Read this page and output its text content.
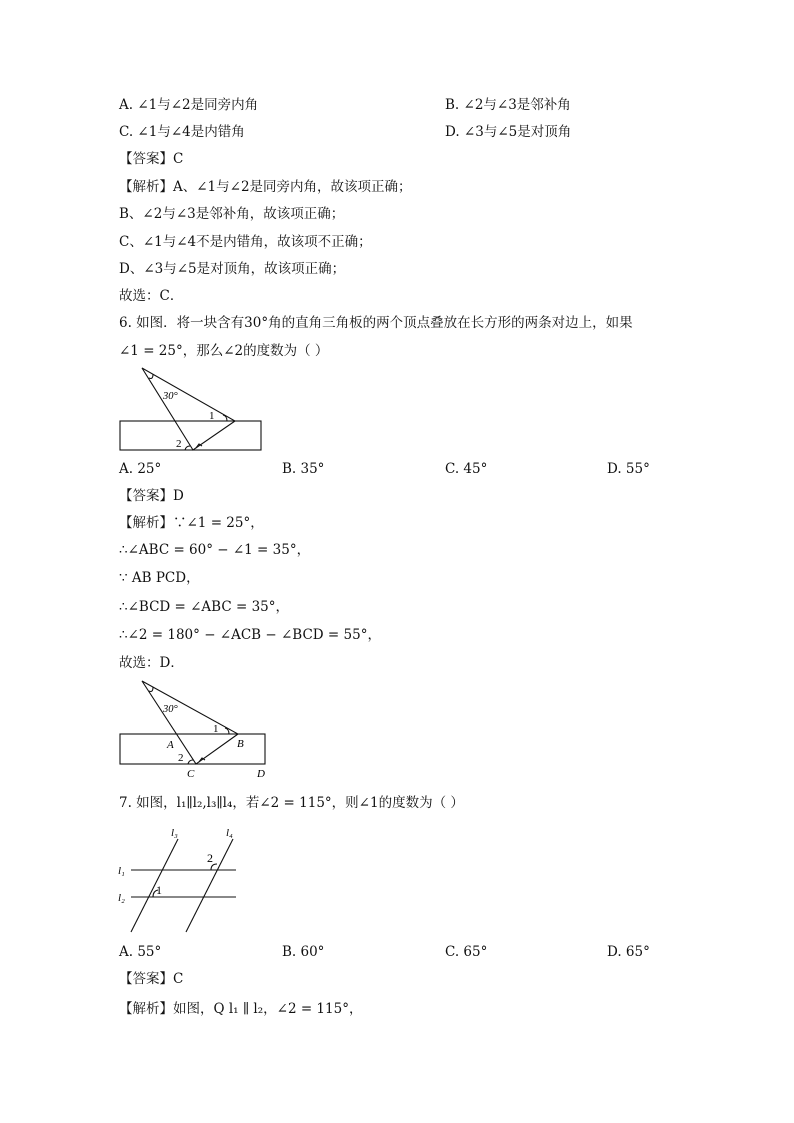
A. ∠1与∠2是同旁内角	B. ∠2与∠3是邻补角
C. ∠1与∠4是内错角	D. ∠3与∠5是对顶角
【答案】C
【解析】A、∠1与∠2是同旁内角，故该项正确；
B、∠2与∠3是邻补角，故该项正确；
C、∠1与∠4不是内错角，故该项不正确；
D、∠3与∠5是对顶角，故该项正确；
故选：C．
6. 如图．将一块含有30°角的直角三角板的两个顶点叠放在长方形的两条对边上，如果
∠1 = 25°，那么∠2的度数为（ ）
30°
1
2
A. 25°	B. 35°	C. 45°	D. 55°
【答案】D
【解析】∵∠1 = 25°，
∴∠ABC = 60° − ∠1 = 35°，
∵ AB PCD，
∴∠BCD = ∠ABC = 35°，
∴∠2 = 180° − ∠ACB − ∠BCD = 55°，
故选：D．
30°
1
2
A	B
C	D
7. 如图，l₁∥l₂,l₃∥l₄，若∠2 = 115°，则∠1的度数为（ ）
l₃	l₄
l₁
l₂
2
1
A. 55°	B. 60°	C. 65°	D. 65°
【答案】C
【解析】如图，Q l₁ ∥ l₂，∠2 = 115°，
